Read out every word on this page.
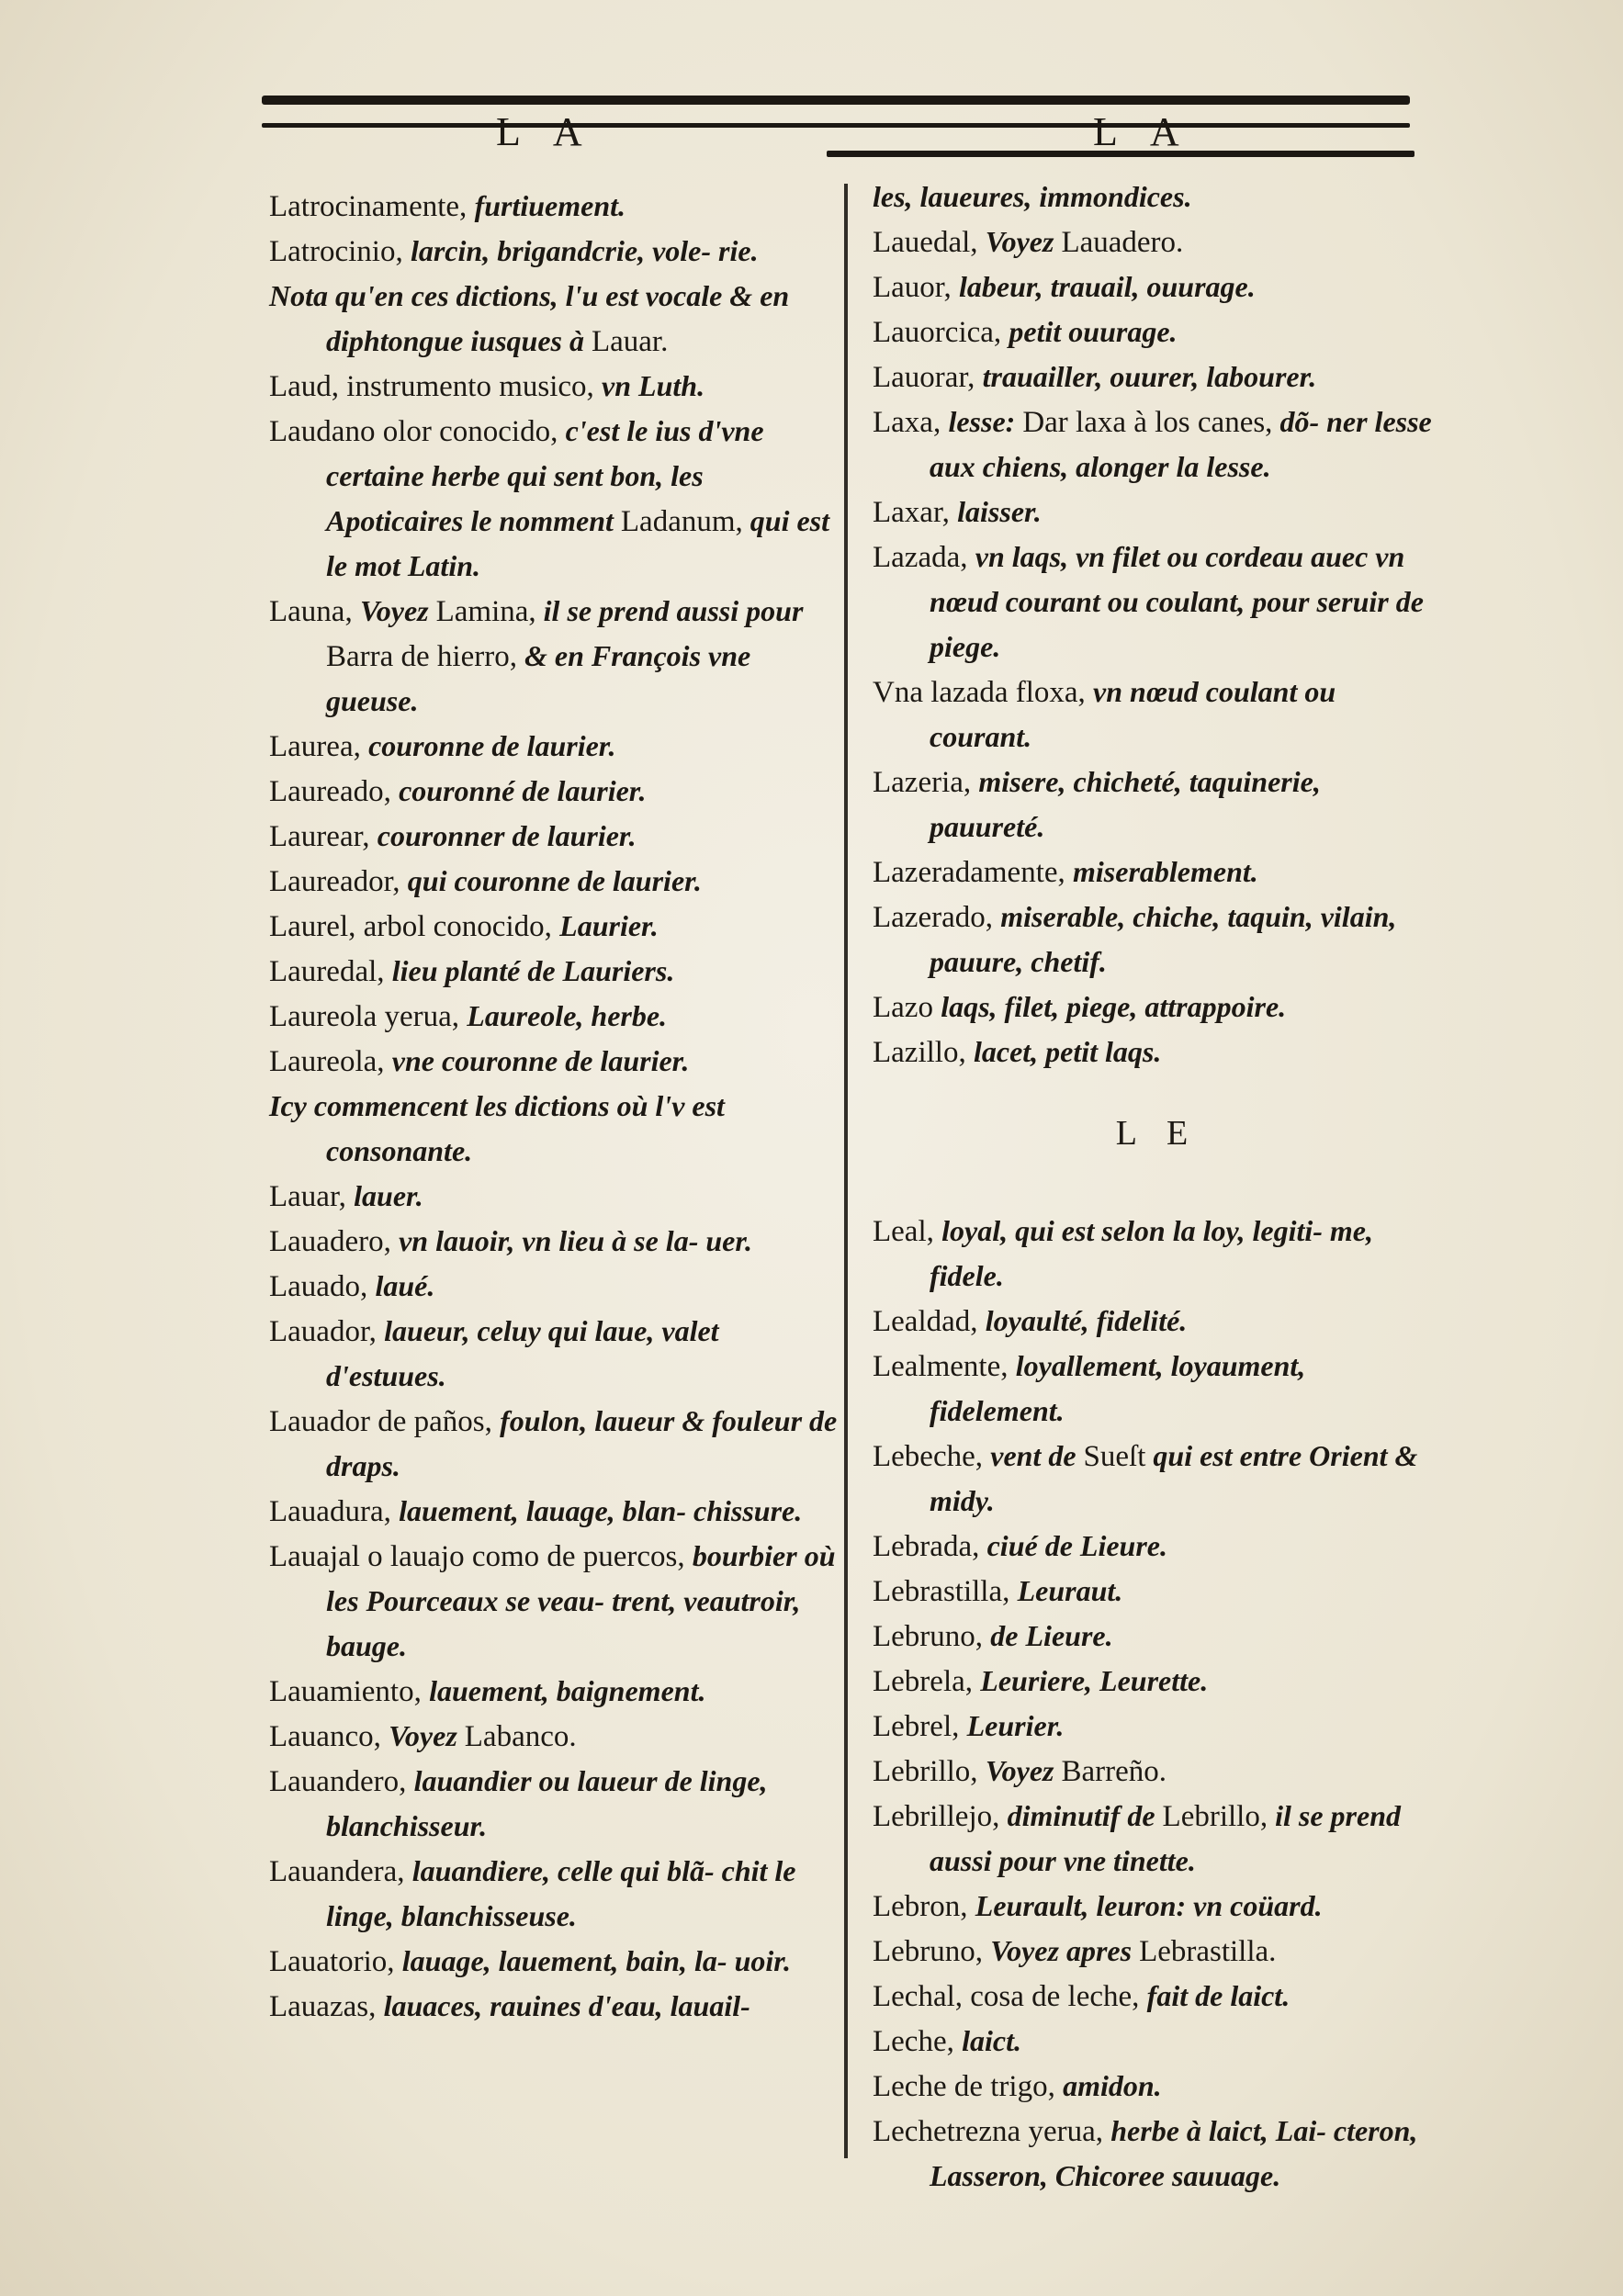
L A	L A

Latrocinamente, furtiuement.

Latrocinio, larcin, brigandcrie, vole- rie.

Nota qu'en ces dictions, l'u est vocale & en diphtongue iusques à Lauar.

Laud, instrumento musico, vn Luth.

Laudano olor conocido, c'est le ius d'vne certaine herbe qui sent bon, les Apoticaires le nomment Ladanum, qui est le mot Latin.

Launa, Voyez Lamina, il se prend aussi pour Barra de hierro, & en François vne gueuse.

Laurea, couronne de laurier.

Laureado, couronné de laurier.

Laurear, couronner de laurier.

Laureador, qui couronne de laurier.

Laurel, arbol conocido, Laurier.

Lauredal, lieu planté de Lauriers.

Laureola yerua, Laureole, herbe.

Laureola, vne couronne de laurier.

Icy commencent les dictions où l'v est consonante.

Lauar, lauer.

Lauadero, vn lauoir, vn lieu à se la- uer.

Lauado, laué.

Lauador, laueur, celuy qui laue, valet d'estuues.

Lauador de paños, foulon, laueur & fouleur de draps.

Lauadura, lauement, lauage, blan- chissure.

Lauajal o lauajo como de puercos, bourbier où les Pourceaux se veau- trent, veautroir, bauge.

Lauamiento, lauement, baignement.

Lauanco, Voyez Labanco.

Lauandero, lauandier ou laueur de linge, blanchisseur.

Lauandera, lauandiere, celle qui blã- chit le linge, blanchisseuse.

Lauatorio, lauage, lauement, bain, la- uoir.

Lauazas, lauaces, rauines d'eau, lauail-

les, laueures, immondices.

Lauedal, Voyez Lauadero.

Lauor, labeur, trauail, ouurage.

Lauorcica, petit ouurage.

Lauorar, trauailler, ouurer, labourer.

Laxa, lesse: Dar laxa à los canes, dõ- ner lesse aux chiens, alonger la lesse.

Laxar, laisser.

Lazada, vn laqs, vn filet ou cordeau auec vn nœud courant ou coulant, pour seruir de piege.

Vna lazada floxa, vn nœud coulant ou courant.

Lazeria, misere, chicheté, taquinerie, pauureté.

Lazeradamente, miserablement.

Lazerado, miserable, chiche, taquin, vilain, pauure, chetif.

Lazo laqs, filet, piege, attrappoire.

Lazillo, lacet, petit laqs.

L E

Leal, loyal, qui est selon la loy, legiti- me, fidele.

Lealdad, loyaulté, fidelité.

Lealmente, loyallement, loyaument, fidelement.

Lebeche, vent de Sueſt qui est entre Orient & midy.

Lebrada, ciué de Lieure.

Lebrastilla, Leuraut.

Lebruno, de Lieure.

Lebrela, Leuriere, Leurette.

Lebrel, Leurier.

Lebrillo, Voyez Barreño.

Lebrillejo, diminutif de Lebrillo, il se prend aussi pour vne tinette.

Lebron, Leurault, leuron: vn coüard.

Lebruno, Voyez apres Lebrastilla.

Lechal, cosa de leche, fait de laict.

Leche, laict.

Leche de trigo, amidon.

Lechetrezna yerua, herbe à laict, Lai- cteron, Lasseron, Chicoree sauuage.
